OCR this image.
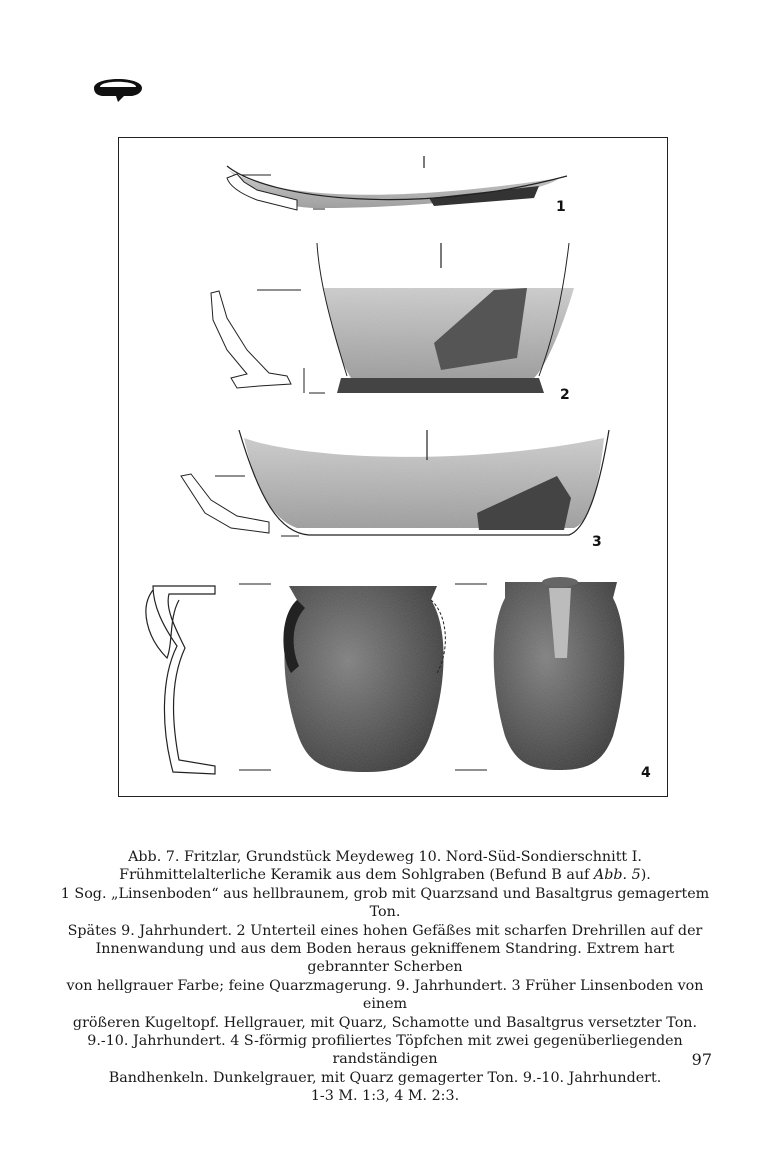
1
2
3
4

Abb. 7. Fritzlar, Grundstück Meydeweg 10. Nord-Süd-Sondierschnitt I.

Frühmittelalterliche Keramik aus dem Sohlgraben (Befund B auf Abb. 5).

1 Sog. „Linsenboden“ aus hellbraunem, grob mit Quarzsand und Basaltgrus gemagertem Ton.

Spätes 9. Jahrhundert. 2 Unterteil eines hohen Gefäßes mit scharfen Drehrillen auf der

Innenwandung und aus dem Boden heraus gekniffenem Standring. Extrem hart gebrannter Scherben

von hellgrauer Farbe; feine Quarzmagerung. 9. Jahrhundert. 3 Früher Linsenboden von einem

größeren Kugeltopf. Hellgrauer, mit Quarz, Schamotte und Basaltgrus versetzter Ton.

9.-10. Jahrhundert. 4 S-förmig profiliertes Töpfchen mit zwei gegenüberliegenden randständigen

Bandhenkeln. Dunkelgrauer, mit Quarz gemagerter Ton. 9.-10. Jahrhundert.

1-3 M. 1:3, 4 M. 2:3.

97
